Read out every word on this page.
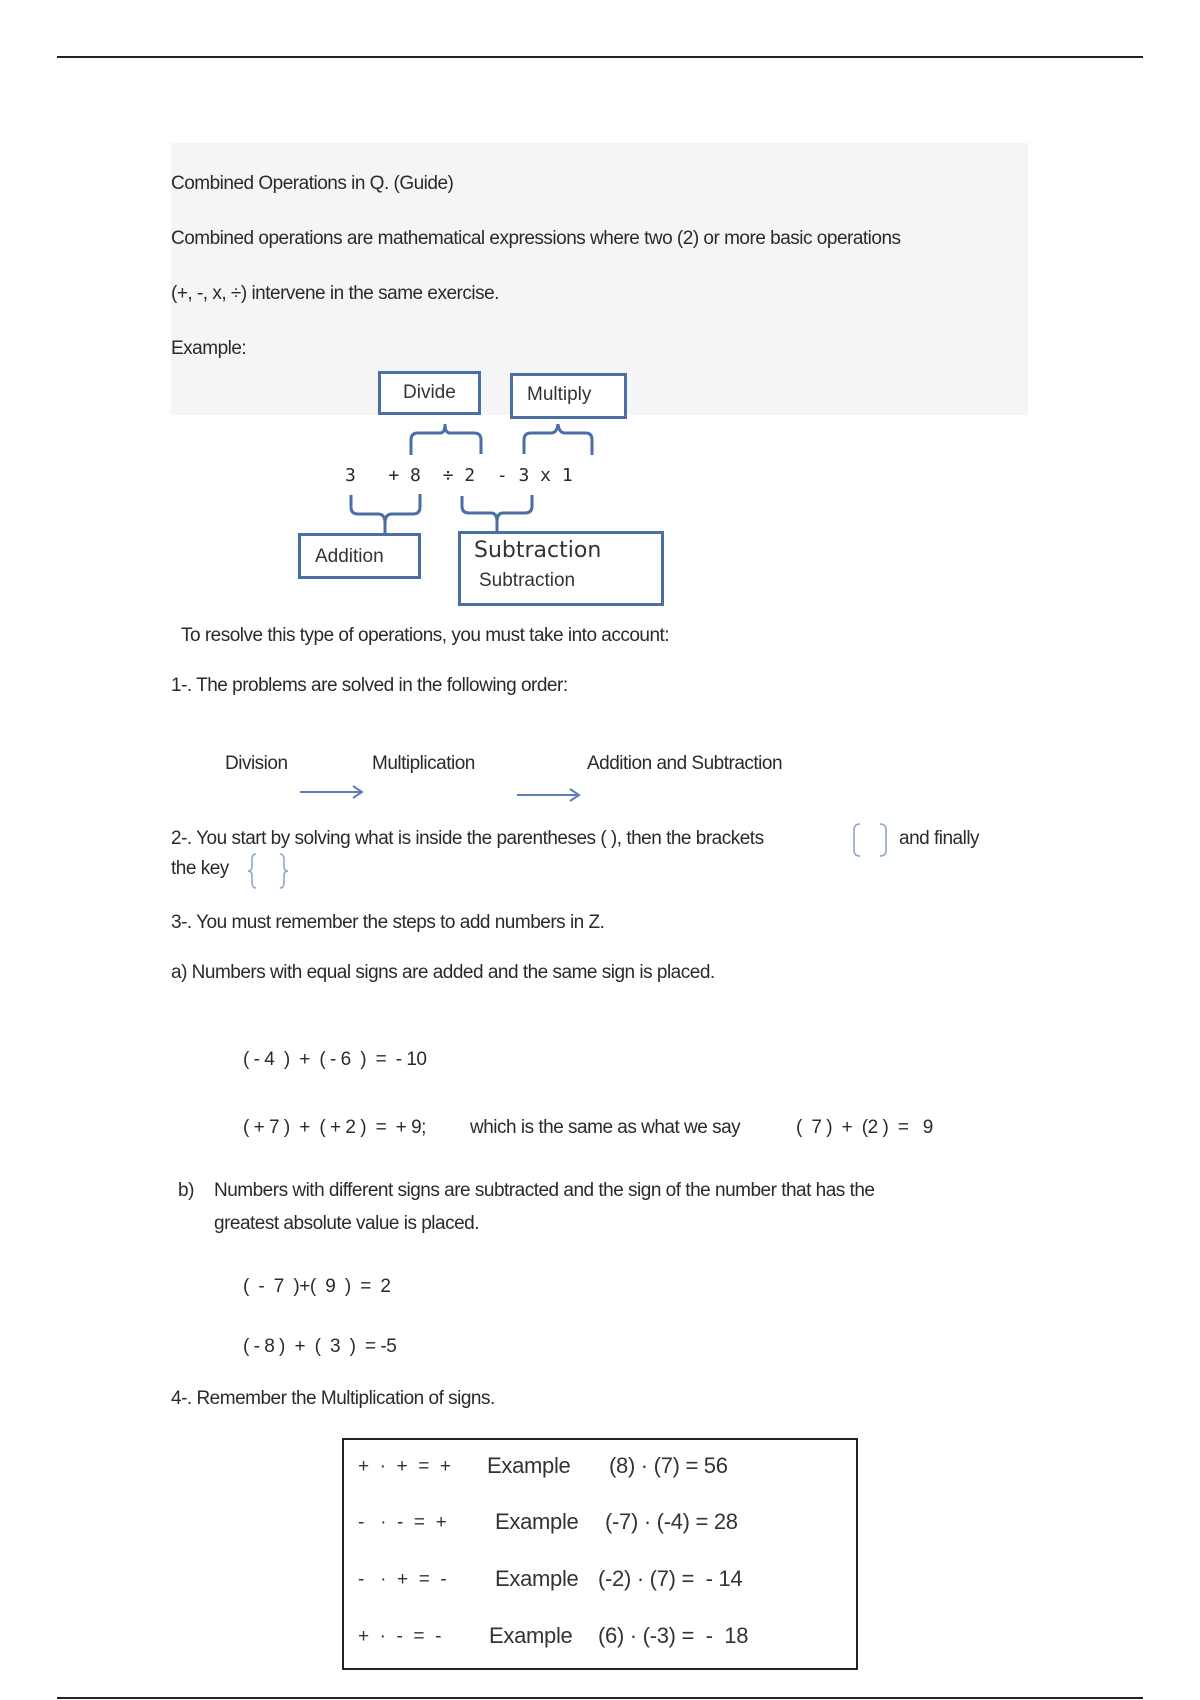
Combined Operations in Q. (Guide)
Combined operations are mathematical expressions where two (2) or more basic operations
(+, -, x, ÷) intervene in the same exercise.
Example:
Divide	Multiply
Addition	Subtraction
Subtraction
3 + 8 ÷ 2 - 3 x 1
To resolve this type of operations, you must take into account:
1-. The problems are solved in the following order:
Division	Multiplication	Addition and Subtraction
2-. You start by solving what is inside the parentheses ( ), then the brackets	and finally
the key
3-. You must remember the steps to add numbers in Z.
a) Numbers with equal signs are added and the same sign is placed.
( - 4  )  +  ( - 6  )  =  - 10
( + 7 )  +  ( + 2 )  =  + 9; which is the same as what we say	(  7 )  +  (2 )  =   9
b) Numbers with different signs are subtracted and the sign of the number that has the
greatest absolute value is placed.
(  -  7  )+(  9  )  =  2
( - 8 )  +  (  3  )  = -5
4-. Remember the Multiplication of signs.
+  ·  +  =  + Example (8) · (7) = 56
-   ·  -  =  + Example (-7) · (-4) = 28
-   ·  +  =  - Example (-2) · (7) =  - 14
+  ·  -  =  - Example (6) · (-3) =  -  18
